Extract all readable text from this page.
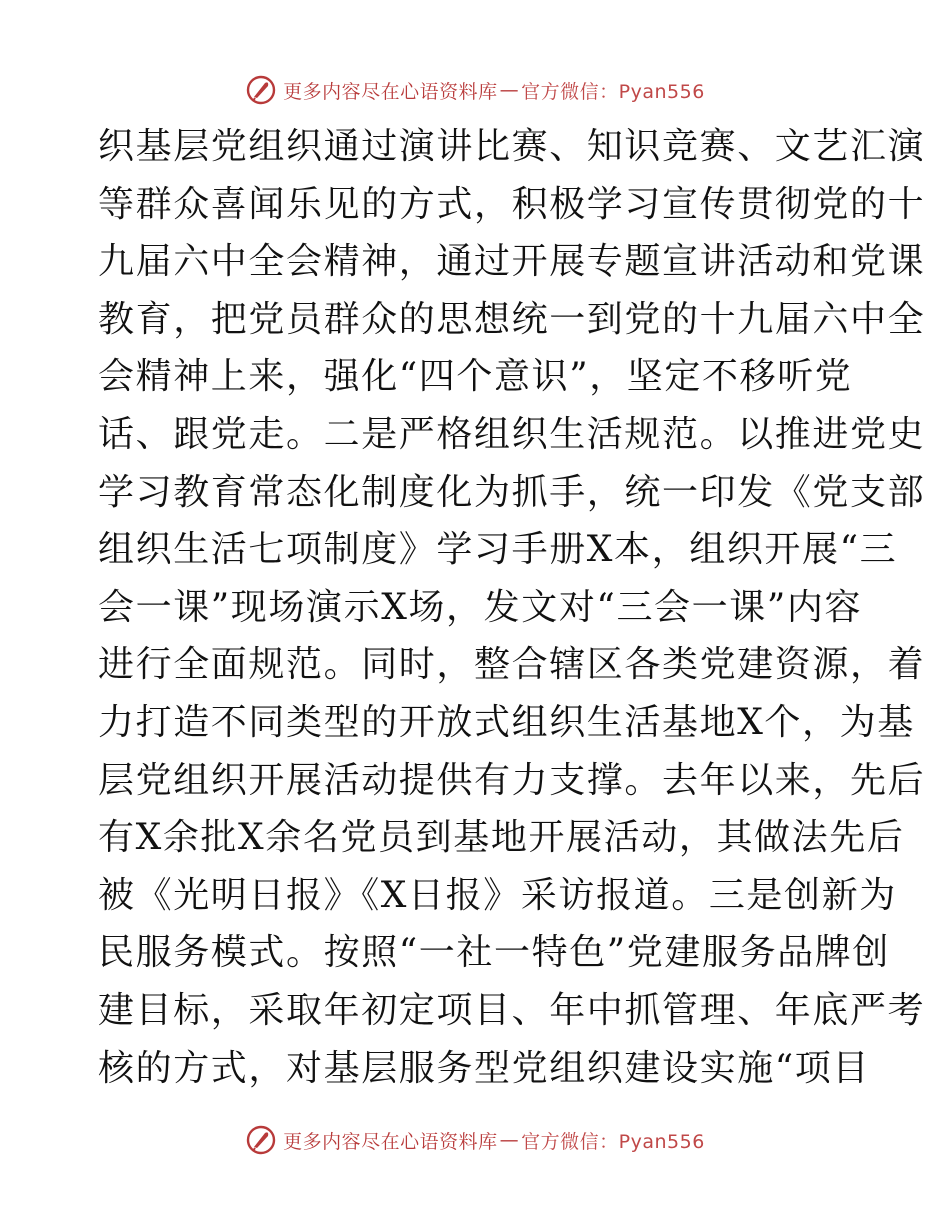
更多内容尽在心语资料库 — 官方微信：Pyan556
织基层党组织通过演讲比赛、知识竞赛、文艺汇演
等群众喜闻乐见的方式，积极学习宣传贯彻党的十
九届六中全会精神，通过开展专题宣讲活动和党课
教育，把党员群众的思想统一到党的十九届六中全
会精神上来，强化“四个意识”，坚定不移听党
话、跟党走。二是严格组织生活规范。以推进党史
学习教育常态化制度化为抓手，统一印发《党支部
组织生活七项制度》学习手册X本，组织开展“三
会一课”现场演示X场，发文对“三会一课”内容
进行全面规范。同时，整合辖区各类党建资源，着
力打造不同类型的开放式组织生活基地X个，为基
层党组织开展活动提供有力支撑。去年以来，先后
有X余批X余名党员到基地开展活动，其做法先后
被《光明日报》《X日报》采访报道。三是创新为
民服务模式。按照“一社一特色”党建服务品牌创
建目标，采取年初定项目、年中抓管理、年底严考
核的方式，对基层服务型党组织建设实施“项目
更多内容尽在心语资料库 — 官方微信：Pyan556
